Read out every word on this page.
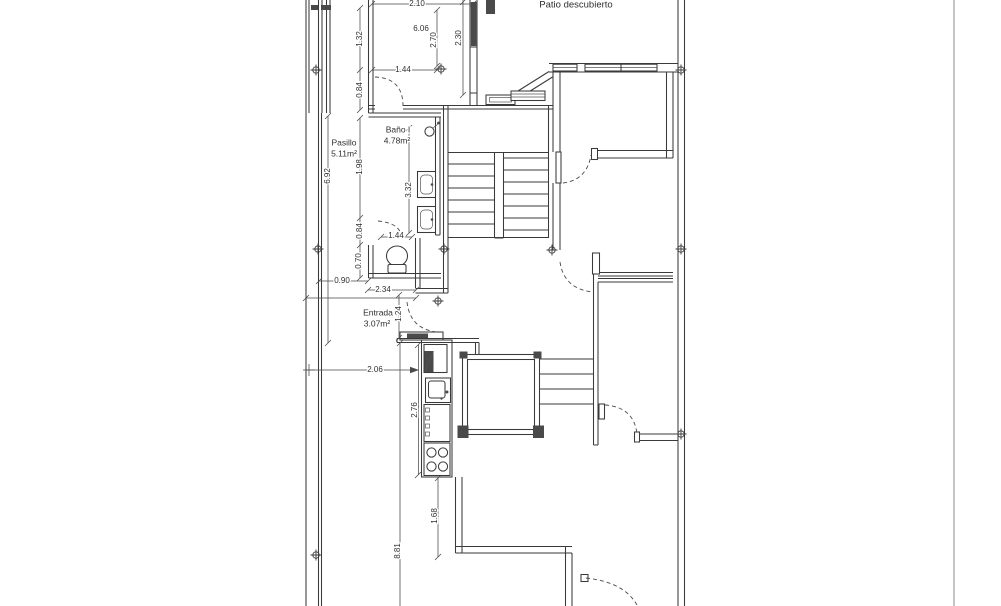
Patio descubierto
Baño I
4.78m²
Pasillo
5.11m²
Entrada
3.07m²
2.10
6.06
1.44
0.90
2.34
2.06
1.44
1.32
0.84
2.70 2.30
6.92
1.98
0.84
0.70
1.24
3.32
2.76
8.81
1.68
